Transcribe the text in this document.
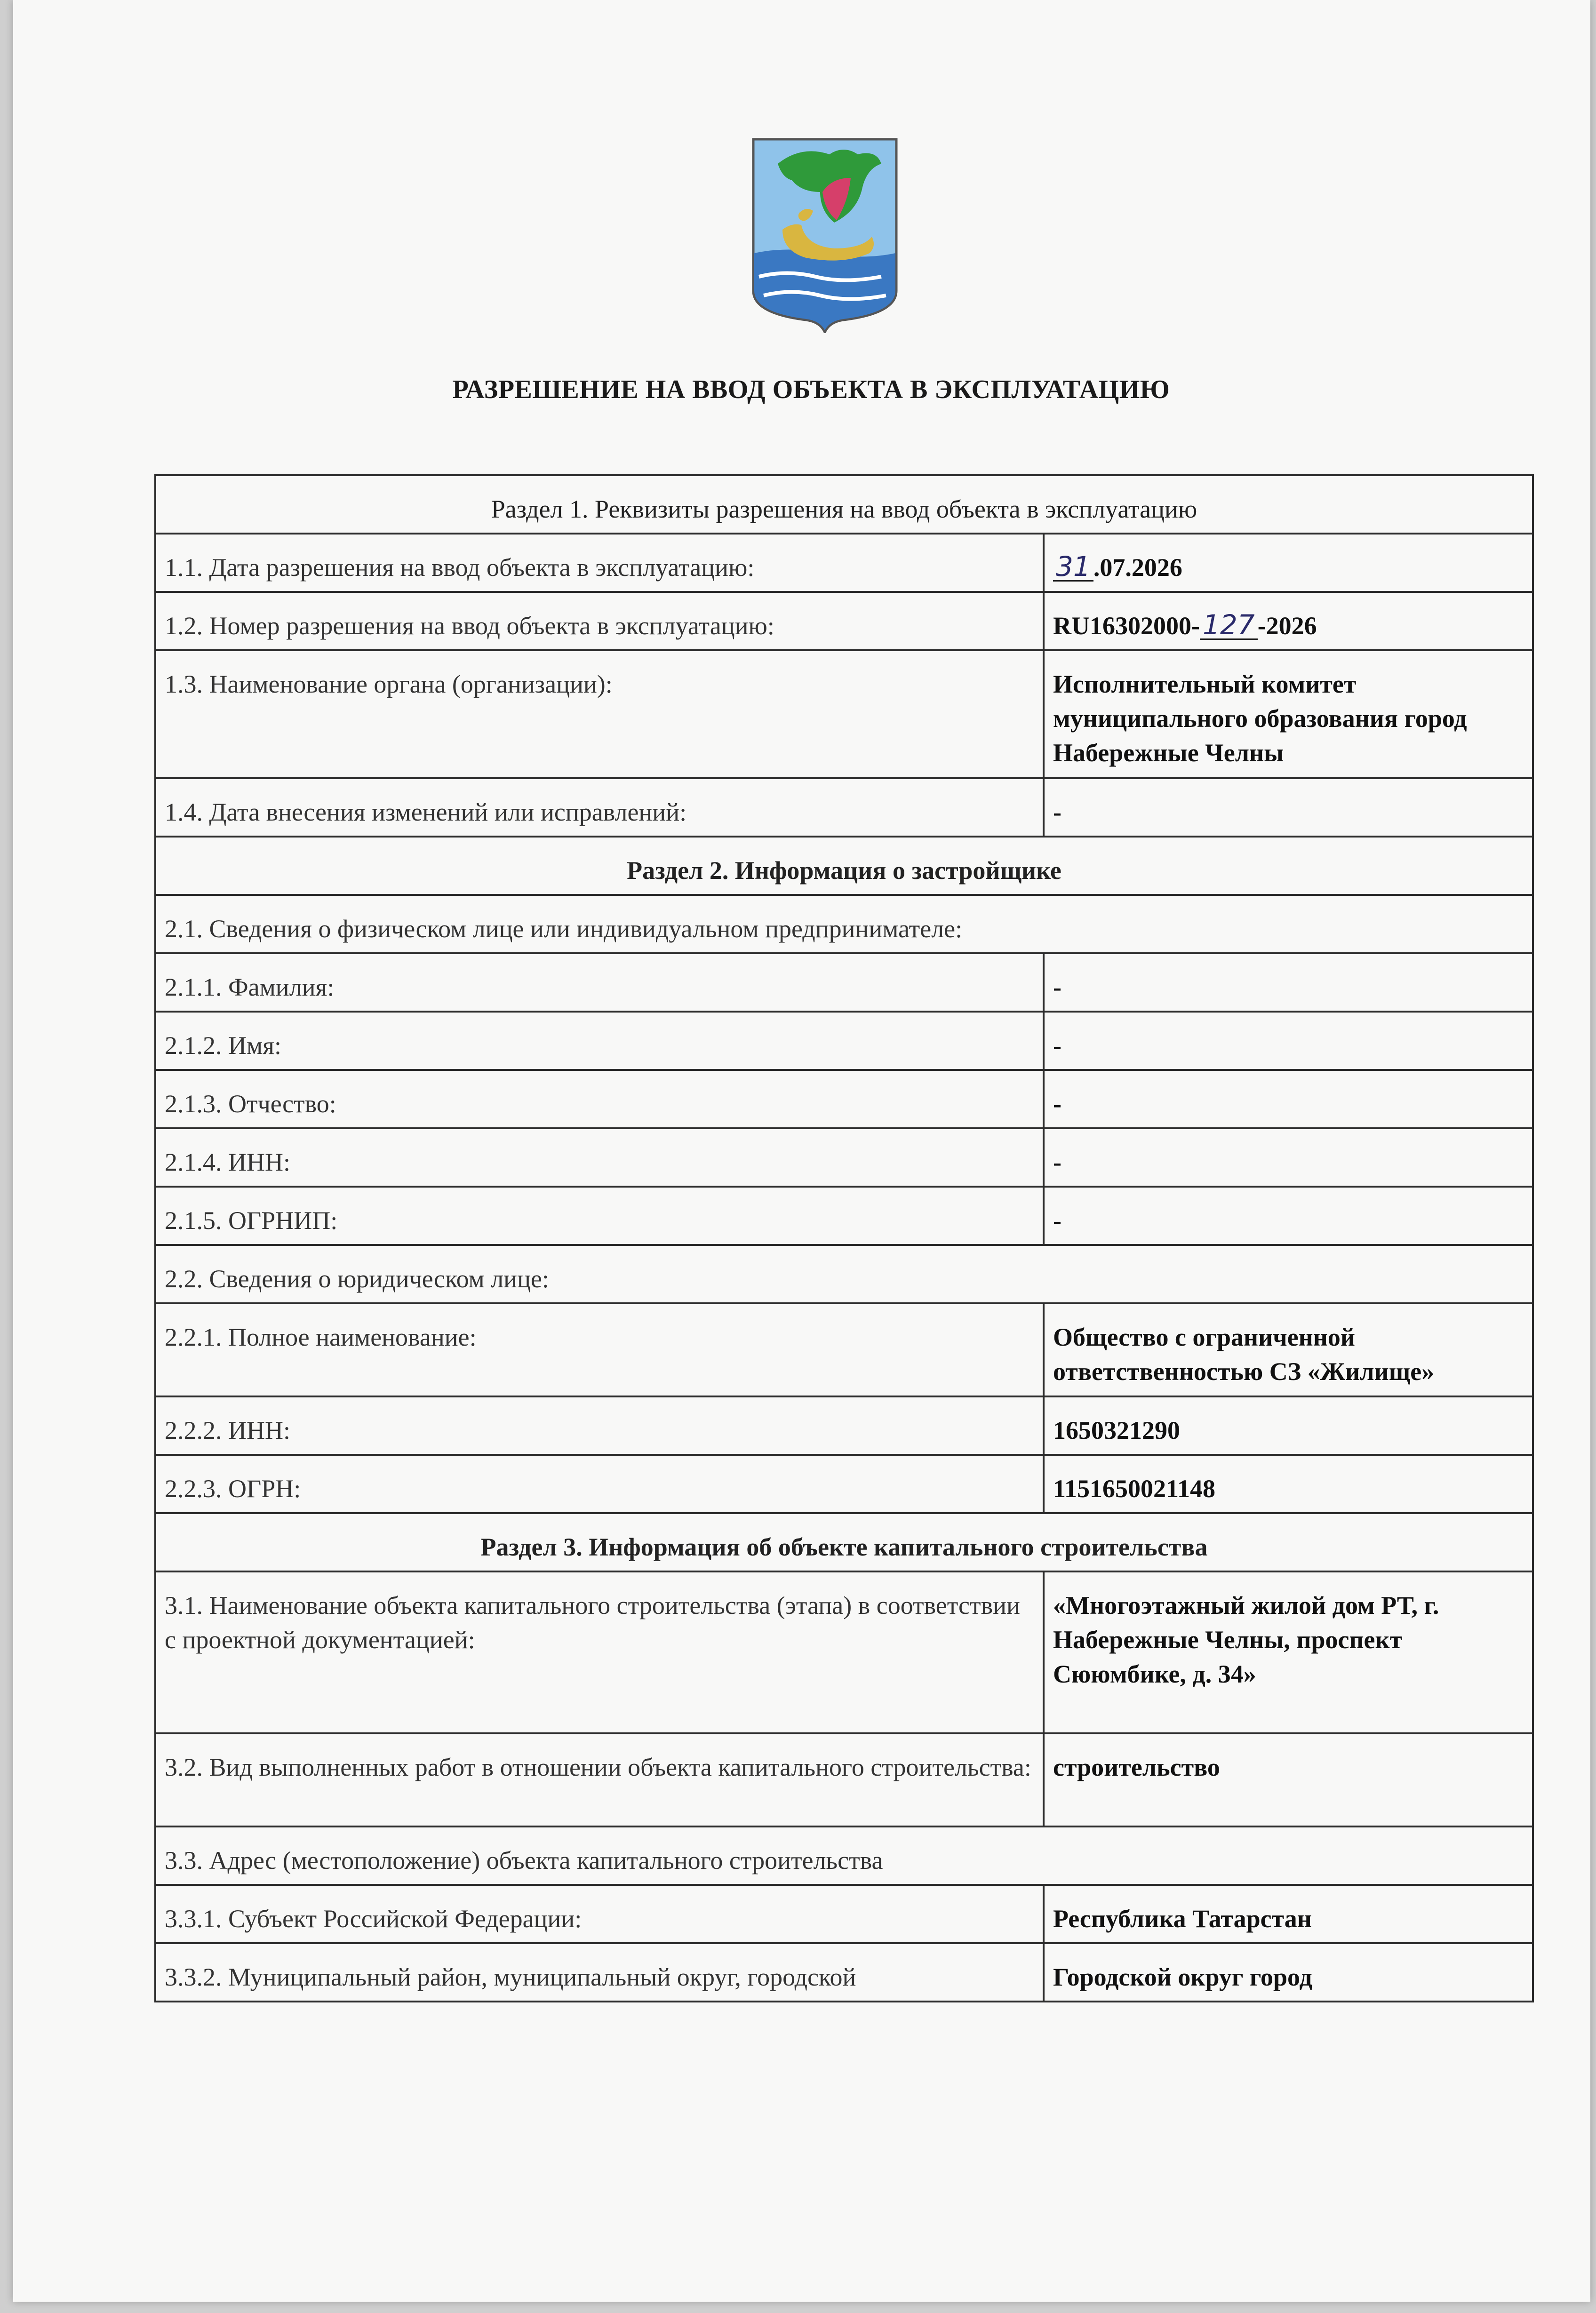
РАЗРЕШЕНИЕ НА ВВОД ОБЪЕКТА В ЭКСПЛУАТАЦИЮ
Раздел 1. Реквизиты разрешения на ввод объекта в эксплуатацию	
1.1. Дата разрешения на ввод объекта в эксплуатацию:	31 .07.2026
1.2. Номер разрешения на ввод объекта в эксплуатацию:	RU16302000- 127 -2026
1.3. Наименование органа (организации):	Исполнительный комитет муниципального образования город Набережные Челны
1.4. Дата внесения изменений или исправлений:	-
Раздел 2. Информация о застройщике	
2.1. Сведения о физическом лице или индивидуальном предпринимателе:	
2.1.1. Фамилия:	-
2.1.2. Имя:	-
2.1.3. Отчество:	-
2.1.4. ИНН:	-
2.1.5. ОГРНИП:	-
2.2. Сведения о юридическом лице:	
2.2.1. Полное наименование:	Общество с ограниченной ответственностью СЗ «Жилище»
2.2.2. ИНН:	1650321290
2.2.3. ОГРН:	1151650021148
Раздел 3. Информация об объекте капитального строительства	
3.1. Наименование объекта капитального строительства (этапа) в соответствии с проектной документацией:	«Многоэтажный жилой дом РТ, г. Набережные Челны, проспект Сююмбике, д. 34»
3.2. Вид выполненных работ в отношении объекта капитального строительства:	строительство
3.3. Адрес (местоположение) объекта капитального строительства	
3.3.1. Субъект Российской Федерации:	Республика Татарстан
3.3.2. Муниципальный район, муниципальный округ, городской	Городской округ город
